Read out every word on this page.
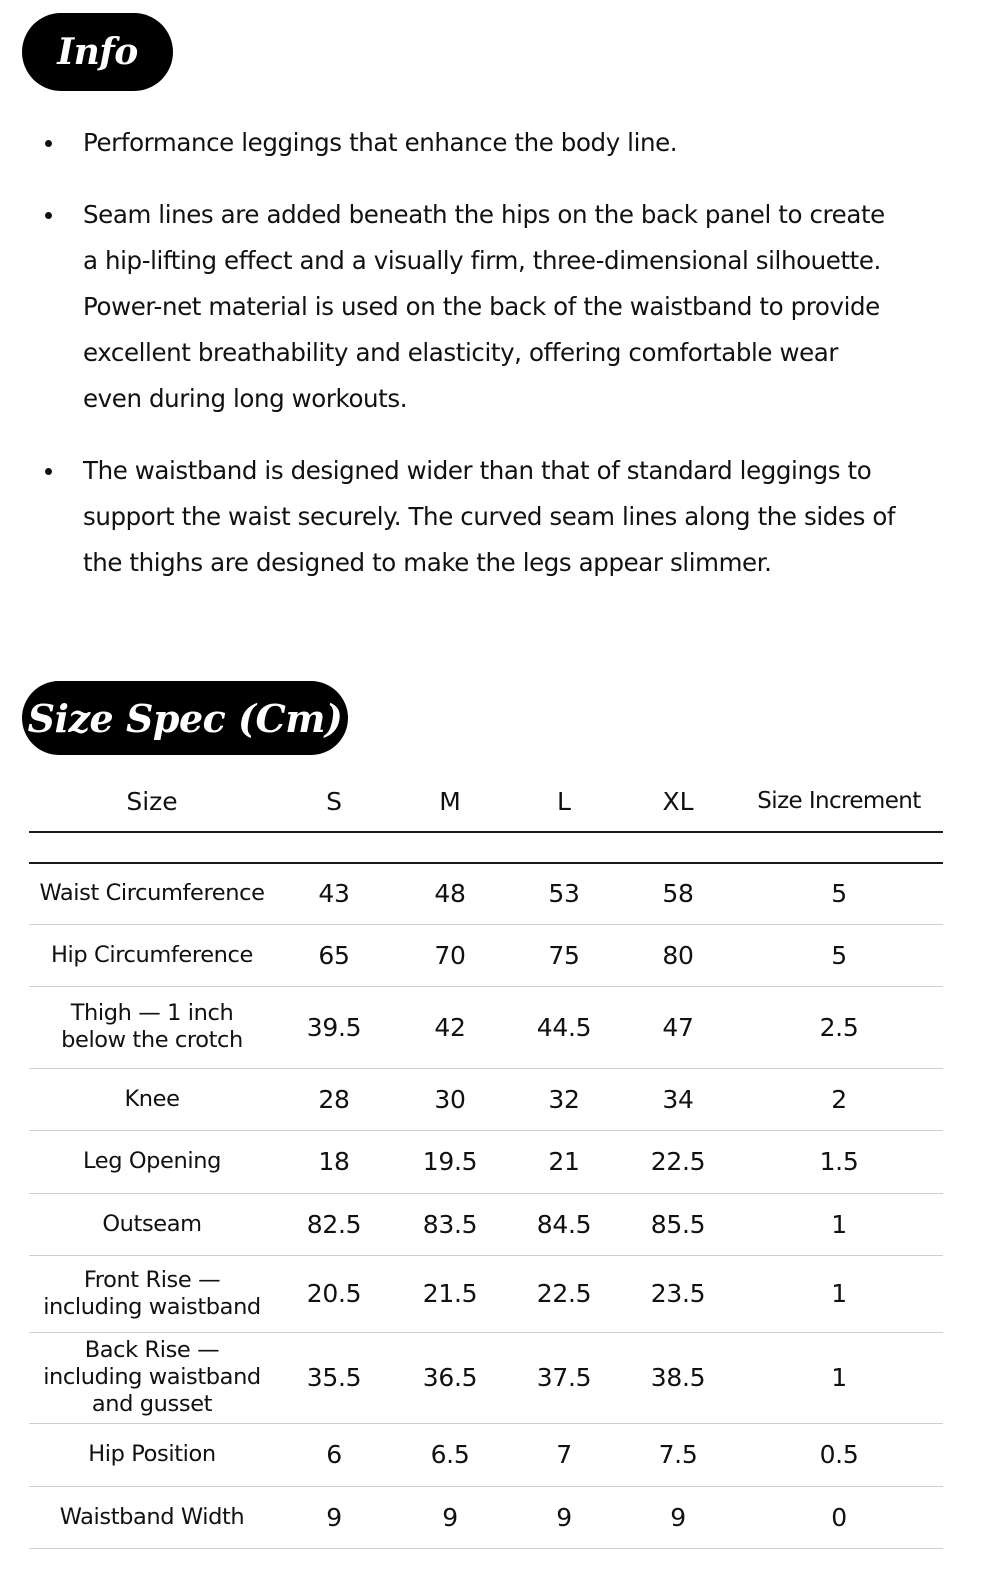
Info
Performance leggings that enhance the body line.
Seam lines are added beneath the hips on the back panel to create a hip-lifting effect and a visually firm, three-dimensional silhouette. Power-net material is used on the back of the waistband to provide excellent breathability and elasticity, offering comfortable wear even during long workouts.
The waistband is designed wider than that of standard leggings to support the waist securely. The curved seam lines along the sides of the thighs are designed to make the legs appear slimmer.
Size Spec (Cm)
Size	S	M	L	XL	Size Increment

Waist Circumference	43	48	53	58	5

Hip Circumference	65	70	75	80	5

Thigh — 1 inch
below the crotch	39.5	42	44.5	47	2.5

Knee	28	30	32	34	2

Leg Opening	18	19.5	21	22.5	1.5

Outseam	82.5	83.5	84.5	85.5	1

Front Rise —
including waistband	20.5	21.5	22.5	23.5	1

Back Rise —
including waistband
and gusset	35.5	36.5	37.5	38.5	1

Hip Position	6	6.5	7	7.5	0.5

Waistband Width	9	9	9	9	0
